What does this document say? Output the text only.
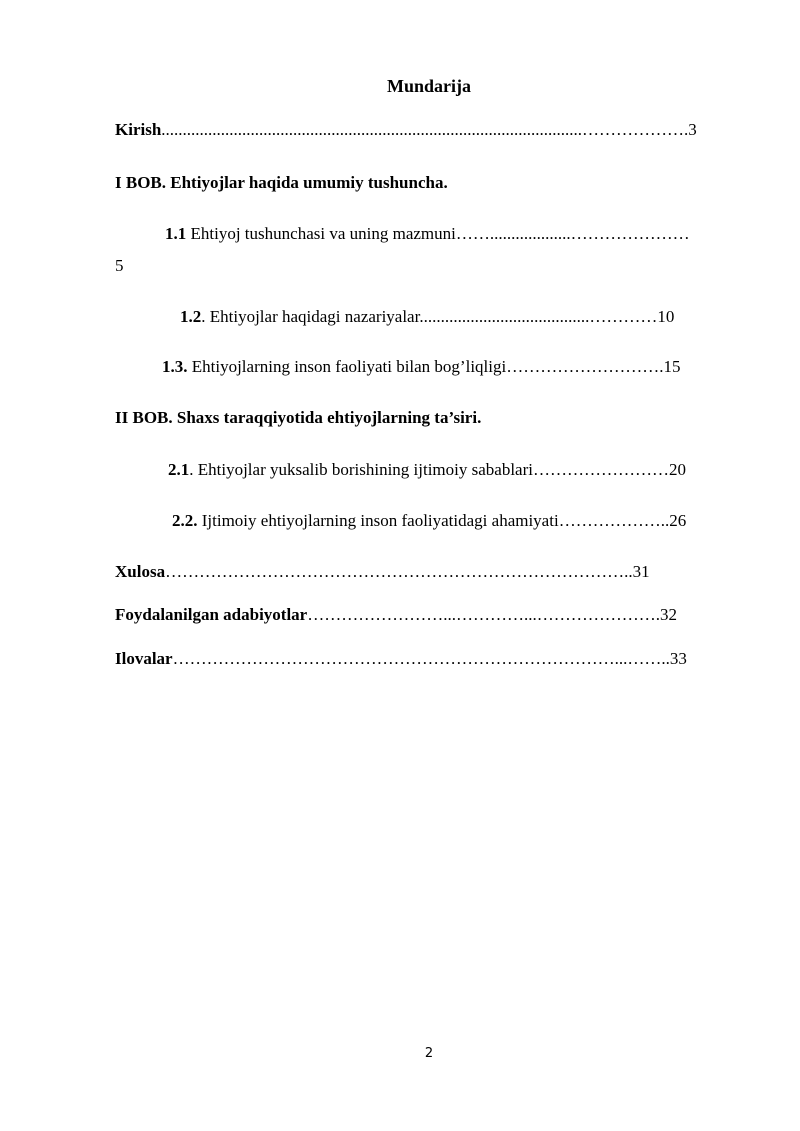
Mundarija
Kirish...................................................................................................……………….3
I BOB. Ehtiyojlar haqida umumiy tushuncha.
1.1 Ehtiyoj tushunchasi va uning mazmuni……...................…………………
5
1.2. Ehtiyojlar haqidagi nazariyalar........................................…………10
1.3. Ehtiyojlarning inson faoliyati bilan bog’liqligi……………………….15
II BOB. Shaxs taraqqiyotida ehtiyojlarning ta’siri.
2.1. Ehtiyojlar yuksalib borishining ijtimoiy sabablari……………………20
2.2. Ijtimoiy ehtiyojlarning inson faoliyatidagi ahamiyati………………..26
Xulosa………………………………………………………………………..31
Foydalanilgan adabiyotlar……………………...…………...………………….32
Ilovalar……………………………………………………………………...……..33
2
